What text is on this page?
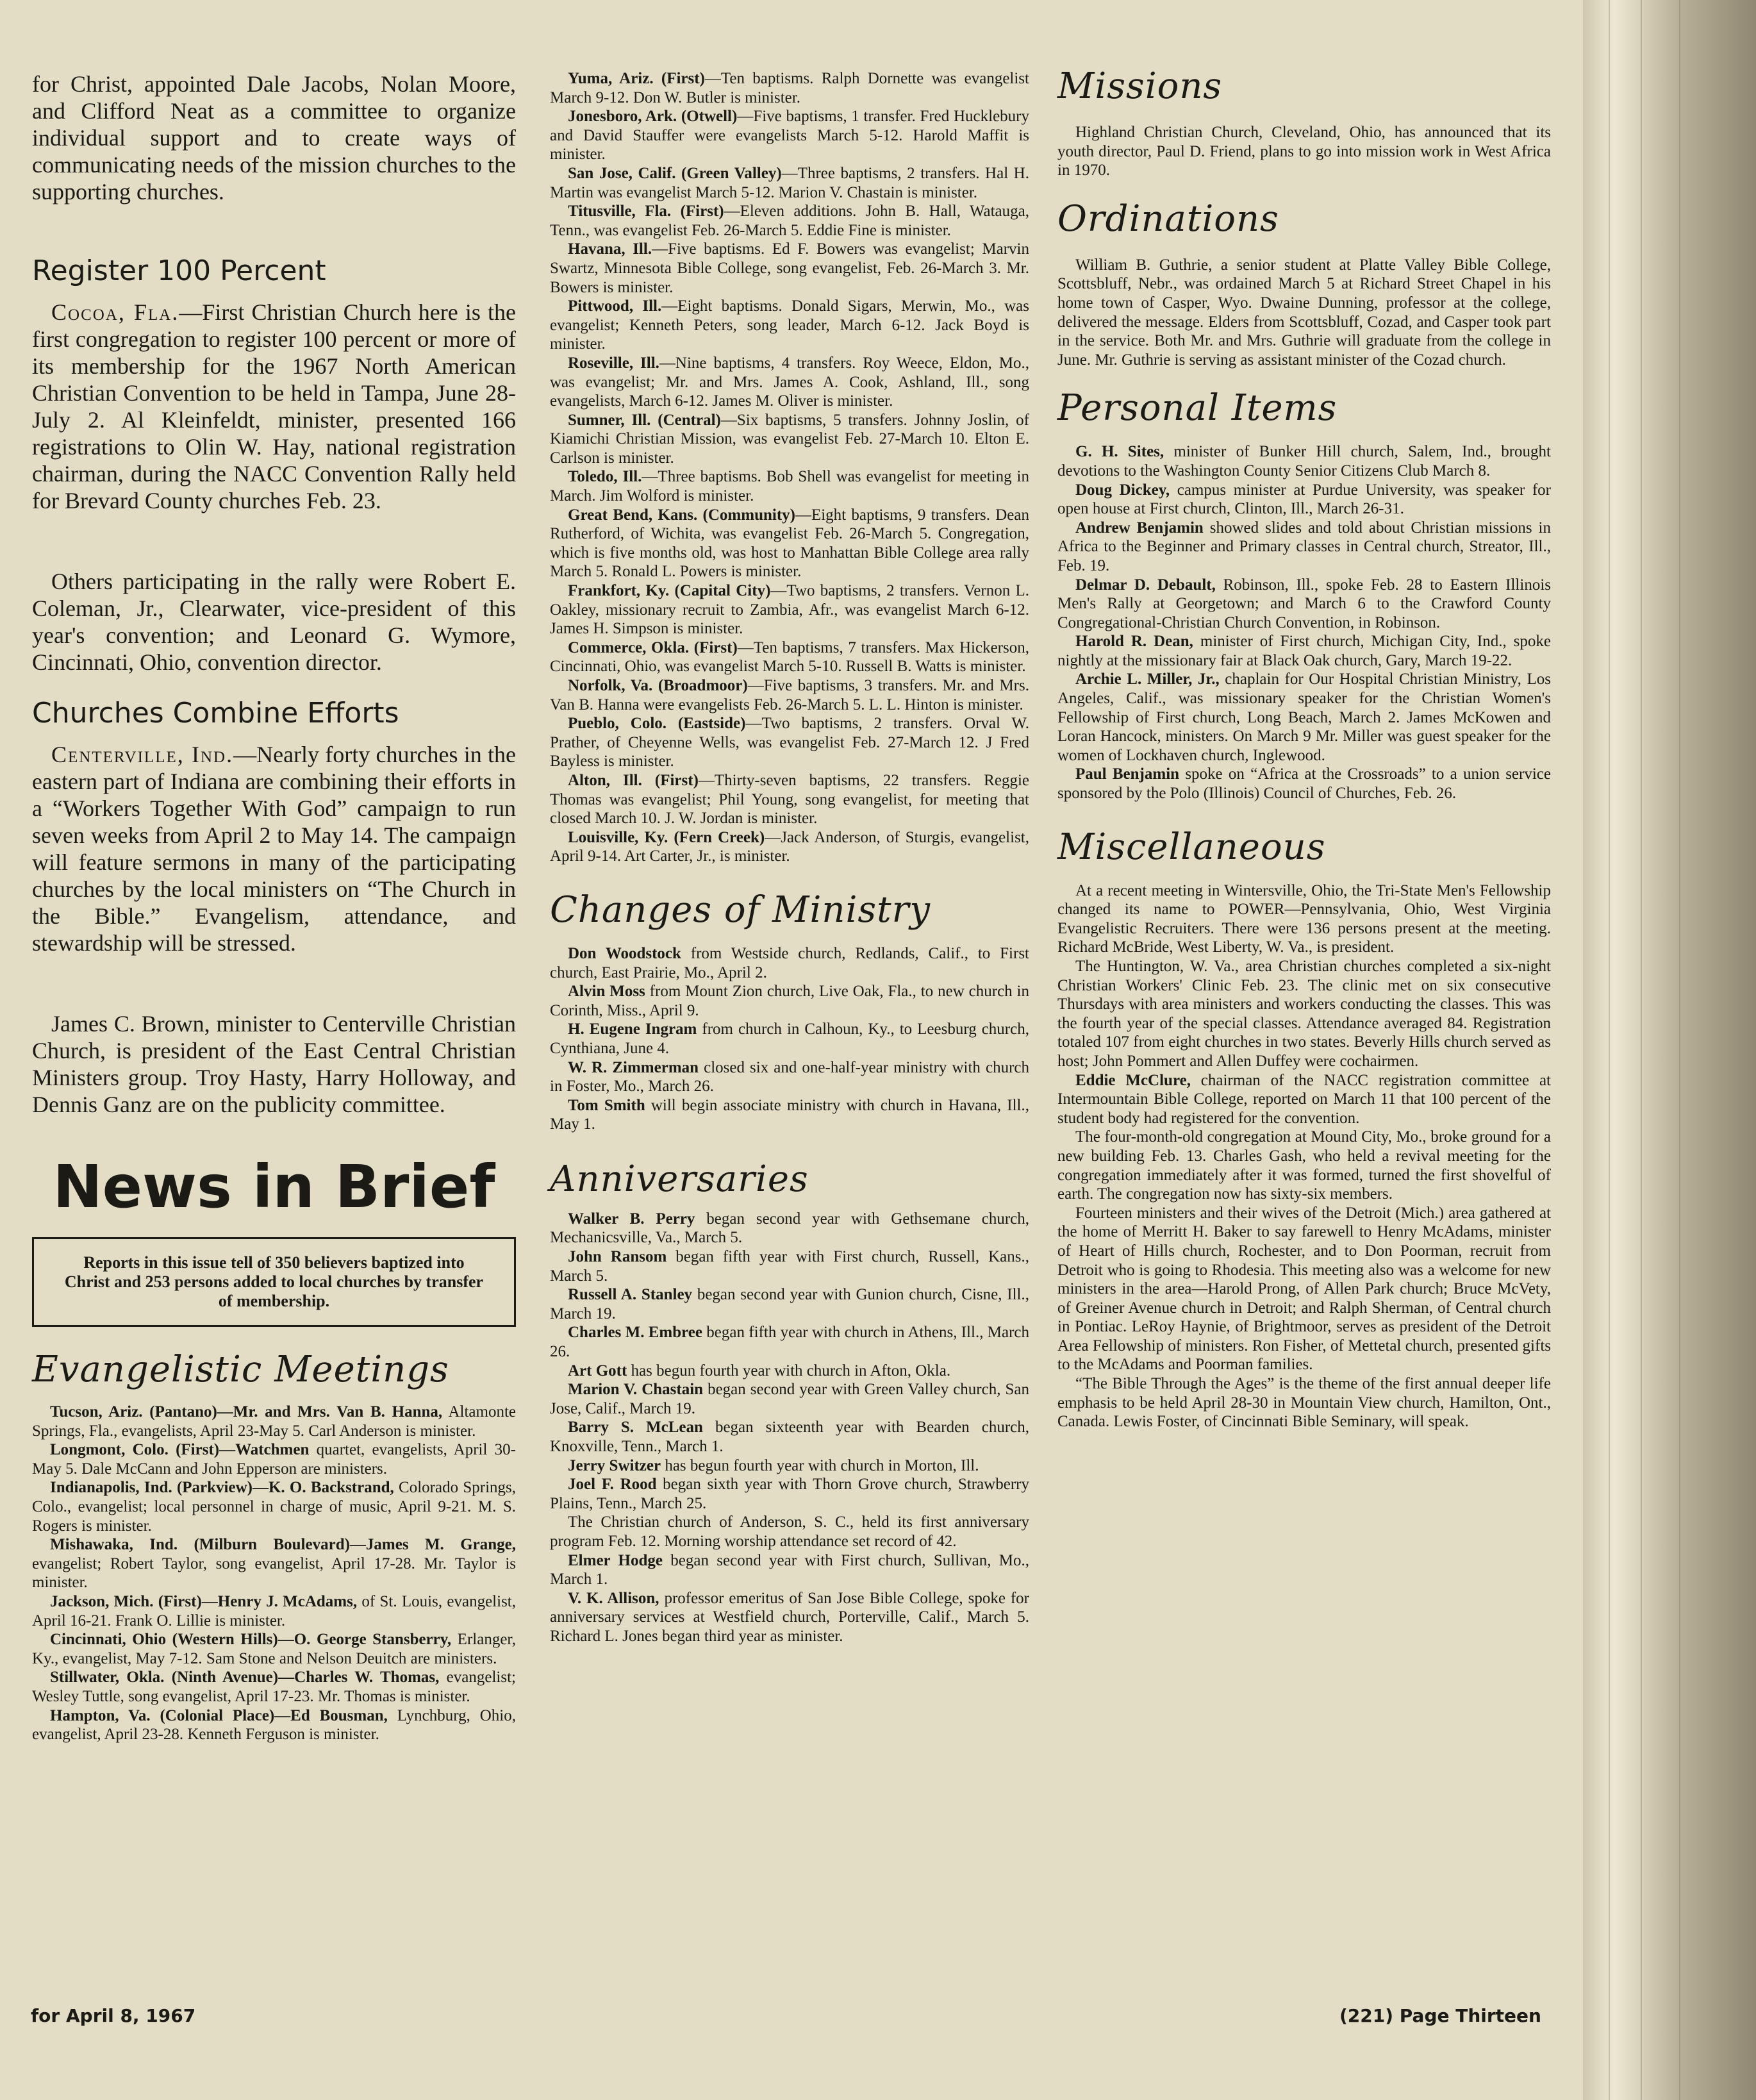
for Christ, appointed Dale Jacobs, Nolan Moore, and Clifford Neat as a committee to organize individual support and to create ways of communicating needs of the mission churches to the supporting churches.

Register 100 Percent

Cocoa, Fla.—First Christian Church here is the first congregation to register 100 percent or more of its membership for the 1967 North American Christian Convention to be held in Tampa, June 28-July 2. Al Kleinfeldt, minister, presented 166 registrations to Olin W. Hay, national registration chairman, during the NACC Convention Rally held for Brevard County churches Feb. 23.

Others participating in the rally were Robert E. Coleman, Jr., Clearwater, vice-president of this year's convention; and Leonard G. Wymore, Cincinnati, Ohio, convention director.

Churches Combine Efforts

Centerville, Ind.—Nearly forty churches in the eastern part of Indiana are combining their efforts in a “Workers Together With God” campaign to run seven weeks from April 2 to May 14. The campaign will feature sermons in many of the participating churches by the local ministers on “The Church in the Bible.” Evangelism, attendance, and stewardship will be stressed.

James C. Brown, minister to Centerville Christian Church, is president of the East Central Christian Ministers group. Troy Hasty, Harry Holloway, and Dennis Ganz are on the publicity committee.

News in Brief
Reports in this issue tell of 350 believers baptized into Christ and 253 persons added to local churches by transfer of membership.
Evangelistic Meetings

Tucson, Ariz. (Pantano)—Mr. and Mrs. Van B. Hanna, Altamonte Springs, Fla., evangelists, April 23-May 5. Carl Anderson is minister.

Longmont, Colo. (First)—Watchmen quartet, evangelists, April 30-May 5. Dale McCann and John Epperson are ministers.

Indianapolis, Ind. (Parkview)—K. O. Backstrand, Colorado Springs, Colo., evangelist; local personnel in charge of music, April 9-21. M. S. Rogers is minister.

Mishawaka, Ind. (Milburn Boulevard)—James M. Grange, evangelist; Robert Taylor, song evangelist, April 17-28. Mr. Taylor is minister.

Jackson, Mich. (First)—Henry J. McAdams, of St. Louis, evangelist, April 16-21. Frank O. Lillie is minister.

Cincinnati, Ohio (Western Hills)—O. George Stansberry, Erlanger, Ky., evangelist, May 7-12. Sam Stone and Nelson Deuitch are ministers.

Stillwater, Okla. (Ninth Avenue)—Charles W. Thomas, evangelist; Wesley Tuttle, song evangelist, April 17-23. Mr. Thomas is minister.

Hampton, Va. (Colonial Place)—Ed Bousman, Lynchburg, Ohio, evangelist, April 23-28. Kenneth Ferguson is minister.

Yuma, Ariz. (First)—Ten baptisms. Ralph Dornette was evangelist March 9-12. Don W. Butler is minister.

Jonesboro, Ark. (Otwell)—Five baptisms, 1 transfer. Fred Hucklebury and David Stauffer were evangelists March 5-12. Harold Maffit is minister.

San Jose, Calif. (Green Valley)—Three baptisms, 2 transfers. Hal H. Martin was evangelist March 5-12. Marion V. Chastain is minister.

Titusville, Fla. (First)—Eleven additions. John B. Hall, Watauga, Tenn., was evangelist Feb. 26-March 5. Eddie Fine is minister.

Havana, Ill.—Five baptisms. Ed F. Bowers was evangelist; Marvin Swartz, Minnesota Bible College, song evangelist, Feb. 26-March 3. Mr. Bowers is minister.

Pittwood, Ill.—Eight baptisms. Donald Sigars, Merwin, Mo., was evangelist; Kenneth Peters, song leader, March 6-12. Jack Boyd is minister.

Roseville, Ill.—Nine baptisms, 4 transfers. Roy Weece, Eldon, Mo., was evangelist; Mr. and Mrs. James A. Cook, Ashland, Ill., song evangelists, March 6-12. James M. Oliver is minister.

Sumner, Ill. (Central)—Six baptisms, 5 transfers. Johnny Joslin, of Kiamichi Christian Mission, was evangelist Feb. 27-March 10. Elton E. Carlson is minister.

Toledo, Ill.—Three baptisms. Bob Shell was evangelist for meeting in March. Jim Wolford is minister.

Great Bend, Kans. (Community)—Eight baptisms, 9 transfers. Dean Rutherford, of Wichita, was evangelist Feb. 26-March 5. Congregation, which is five months old, was host to Manhattan Bible College area rally March 5. Ronald L. Powers is minister.

Frankfort, Ky. (Capital City)—Two baptisms, 2 transfers. Vernon L. Oakley, missionary recruit to Zambia, Afr., was evangelist March 6-12. James H. Simpson is minister.

Commerce, Okla. (First)—Ten baptisms, 7 transfers. Max Hickerson, Cincinnati, Ohio, was evangelist March 5-10. Russell B. Watts is minister.

Norfolk, Va. (Broadmoor)—Five baptisms, 3 transfers. Mr. and Mrs. Van B. Hanna were evangelists Feb. 26-March 5. L. L. Hinton is minister.

Pueblo, Colo. (Eastside)—Two baptisms, 2 transfers. Orval W. Prather, of Cheyenne Wells, was evangelist Feb. 27-March 12. J Fred Bayless is minister.

Alton, Ill. (First)—Thirty-seven baptisms, 22 transfers. Reggie Thomas was evangelist; Phil Young, song evangelist, for meeting that closed March 10. J. W. Jordan is minister.

Louisville, Ky. (Fern Creek)—Jack Anderson, of Sturgis, evangelist, April 9-14. Art Carter, Jr., is minister.

Changes of Ministry

Don Woodstock from Westside church, Redlands, Calif., to First church, East Prairie, Mo., April 2.

Alvin Moss from Mount Zion church, Live Oak, Fla., to new church in Corinth, Miss., April 9.

H. Eugene Ingram from church in Calhoun, Ky., to Leesburg church, Cynthiana, June 4.

W. R. Zimmerman closed six and one-half-year ministry with church in Foster, Mo., March 26.

Tom Smith will begin associate ministry with church in Havana, Ill., May 1.

Anniversaries

Walker B. Perry began second year with Gethsemane church, Mechanicsville, Va., March 5.

John Ransom began fifth year with First church, Russell, Kans., March 5.

Russell A. Stanley began second year with Gunion church, Cisne, Ill., March 19.

Charles M. Embree began fifth year with church in Athens, Ill., March 26.

Art Gott has begun fourth year with church in Afton, Okla.

Marion V. Chastain began second year with Green Valley church, San Jose, Calif., March 19.

Barry S. McLean began sixteenth year with Bearden church, Knoxville, Tenn., March 1.

Jerry Switzer has begun fourth year with church in Morton, Ill.

Joel F. Rood began sixth year with Thorn Grove church, Strawberry Plains, Tenn., March 25.

The Christian church of Anderson, S. C., held its first anniversary program Feb. 12. Morning worship attendance set record of 42.

Elmer Hodge began second year with First church, Sullivan, Mo., March 1.

V. K. Allison, professor emeritus of San Jose Bible College, spoke for anniversary services at Westfield church, Porterville, Calif., March 5. Richard L. Jones began third year as minister.

Missions

Highland Christian Church, Cleveland, Ohio, has announced that its youth director, Paul D. Friend, plans to go into mission work in West Africa in 1970.

Ordinations

William B. Guthrie, a senior student at Platte Valley Bible College, Scottsbluff, Nebr., was ordained March 5 at Richard Street Chapel in his home town of Casper, Wyo. Dwaine Dunning, professor at the college, delivered the message. Elders from Scottsbluff, Cozad, and Casper took part in the service. Both Mr. and Mrs. Guthrie will graduate from the college in June. Mr. Guthrie is serving as assistant minister of the Cozad church.

Personal Items

G. H. Sites, minister of Bunker Hill church, Salem, Ind., brought devotions to the Washington County Senior Citizens Club March 8.

Doug Dickey, campus minister at Purdue University, was speaker for open house at First church, Clinton, Ill., March 26-31.

Andrew Benjamin showed slides and told about Christian missions in Africa to the Beginner and Primary classes in Central church, Streator, Ill., Feb. 19.

Delmar D. Debault, Robinson, Ill., spoke Feb. 28 to Eastern Illinois Men's Rally at Georgetown; and March 6 to the Crawford County Congregational-Christian Church Convention, in Robinson.

Harold R. Dean, minister of First church, Michigan City, Ind., spoke nightly at the missionary fair at Black Oak church, Gary, March 19-22.

Archie L. Miller, Jr., chaplain for Our Hospital Christian Ministry, Los Angeles, Calif., was missionary speaker for the Christian Women's Fellowship of First church, Long Beach, March 2. James McKowen and Loran Hancock, ministers. On March 9 Mr. Miller was guest speaker for the women of Lockhaven church, Inglewood.

Paul Benjamin spoke on “Africa at the Crossroads” to a union service sponsored by the Polo (Illinois) Council of Churches, Feb. 26.

Miscellaneous

At a recent meeting in Wintersville, Ohio, the Tri-State Men's Fellowship changed its name to POWER—Pennsylvania, Ohio, West Virginia Evangelistic Recruiters. There were 136 persons present at the meeting. Richard McBride, West Liberty, W. Va., is president.

The Huntington, W. Va., area Christian churches completed a six-night Christian Workers' Clinic Feb. 23. The clinic met on six consecutive Thursdays with area ministers and workers conducting the classes. This was the fourth year of the special classes. Attendance averaged 84. Registration totaled 107 from eight churches in two states. Beverly Hills church served as host; John Pommert and Allen Duffey were cochairmen.

Eddie McClure, chairman of the NACC registration committee at Intermountain Bible College, reported on March 11 that 100 percent of the student body had registered for the convention.

The four-month-old congregation at Mound City, Mo., broke ground for a new building Feb. 13. Charles Gash, who held a revival meeting for the congregation immediately after it was formed, turned the first shovelful of earth. The congregation now has sixty-six members.

Fourteen ministers and their wives of the Detroit (Mich.) area gathered at the home of Merritt H. Baker to say farewell to Henry McAdams, minister of Heart of Hills church, Rochester, and to Don Poorman, recruit from Detroit who is going to Rhodesia. This meeting also was a welcome for new ministers in the area—Harold Prong, of Allen Park church; Bruce McVety, of Greiner Avenue church in Detroit; and Ralph Sherman, of Central church in Pontiac. LeRoy Haynie, of Brightmoor, serves as president of the Detroit Area Fellowship of ministers. Ron Fisher, of Mettetal church, presented gifts to the McAdams and Poorman families.

“The Bible Through the Ages” is the theme of the first annual deeper life emphasis to be held April 28-30 in Mountain View church, Hamilton, Ont., Canada. Lewis Foster, of Cincinnati Bible Seminary, will speak.

for April 8, 1967	(221) Page Thirteen
